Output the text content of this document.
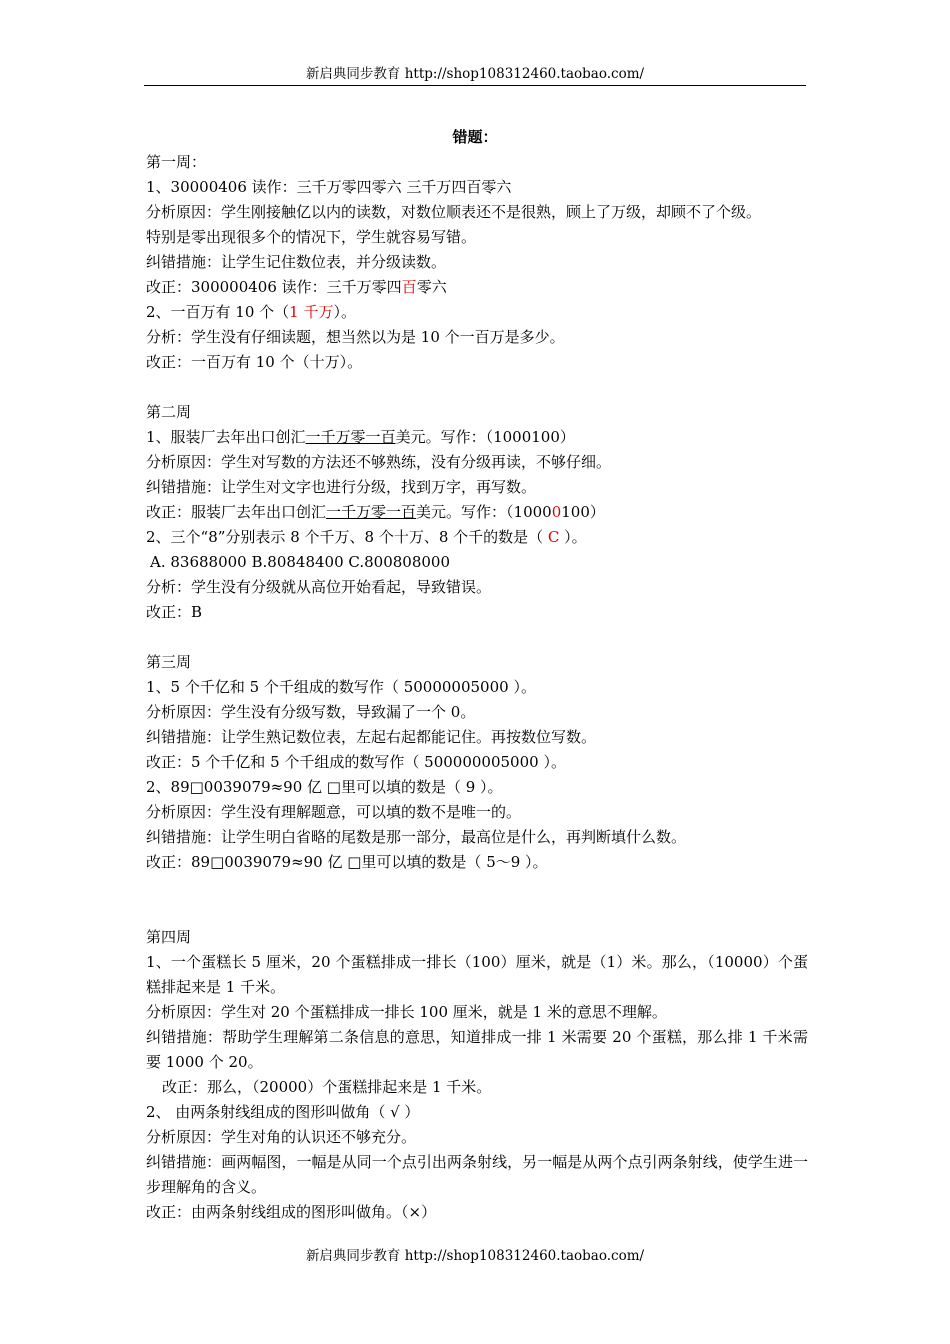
新启典同步教育 http://shop108312460.taobao.com/
错题：

第一周：

1、30000406 读作：三千万零四零六 三千万四百零六

分析原因：学生刚接触亿以内的读数，对数位顺表还不是很熟，顾上了万级，却顾不了个级。

特别是零出现很多个的情况下，学生就容易写错。

纠错措施：让学生记住数位表，并分级读数。

改正：300000406 读作：三千万零四百零六

2、一百万有 10 个（1 千万）。

分析：学生没有仔细读题，想当然以为是 10 个一百万是多少。

改正：一百万有 10 个（十万）。

第二周

1、服装厂去年出口创汇一千万零一百美元。写作：（1000100）

分析原因：学生对写数的方法还不够熟练，没有分级再读，不够仔细。

纠错措施：让学生对文字也进行分级，找到万字，再写数。

改正：服装厂去年出口创汇一千万零一百美元。写作：（10000100）

2、三个“8”分别表示 8 个千万、8 个十万、8 个千的数是（ C ）。

A. 83688000 B.80848400 C.800808000

分析：学生没有分级就从高位开始看起，导致错误。

改正：B

第三周

1、5 个千亿和 5 个千组成的数写作（ 50000005000 ）。

分析原因：学生没有分级写数，导致漏了一个 0。

纠错措施：让学生熟记数位表，左起右起都能记住。再按数位写数。

改正：5 个千亿和 5 个千组成的数写作（ 500000005000 ）。

2、89□0039079≈90 亿 □里可以填的数是（ 9 ）。

分析原因：学生没有理解题意，可以填的数不是唯一的。

纠错措施：让学生明白省略的尾数是那一部分，最高位是什么，再判断填什么数。

改正：89□0039079≈90 亿 □里可以填的数是（ 5～9 ）。

第四周

1、一个蛋糕长 5 厘米，20 个蛋糕排成一排长（100）厘米，就是（1）米。那么，（10000）个蛋糕排起来是 1 千米。

分析原因：学生对 20 个蛋糕排成一排长 100 厘米，就是 1 米的意思不理解。

纠错措施：帮助学生理解第二条信息的意思，知道排成一排 1 米需要 20 个蛋糕，那么排 1 千米需要 1000 个 20。

改正：那么，（20000）个蛋糕排起来是 1 千米。

2、 由两条射线组成的图形叫做角（ √ ）

分析原因：学生对角的认识还不够充分。

纠错措施：画两幅图，一幅是从同一个点引出两条射线，另一幅是从两个点引两条射线，使学生进一步理解角的含义。

改正：由两条射线组成的图形叫做角。（×）

新启典同步教育 http://shop108312460.taobao.com/
